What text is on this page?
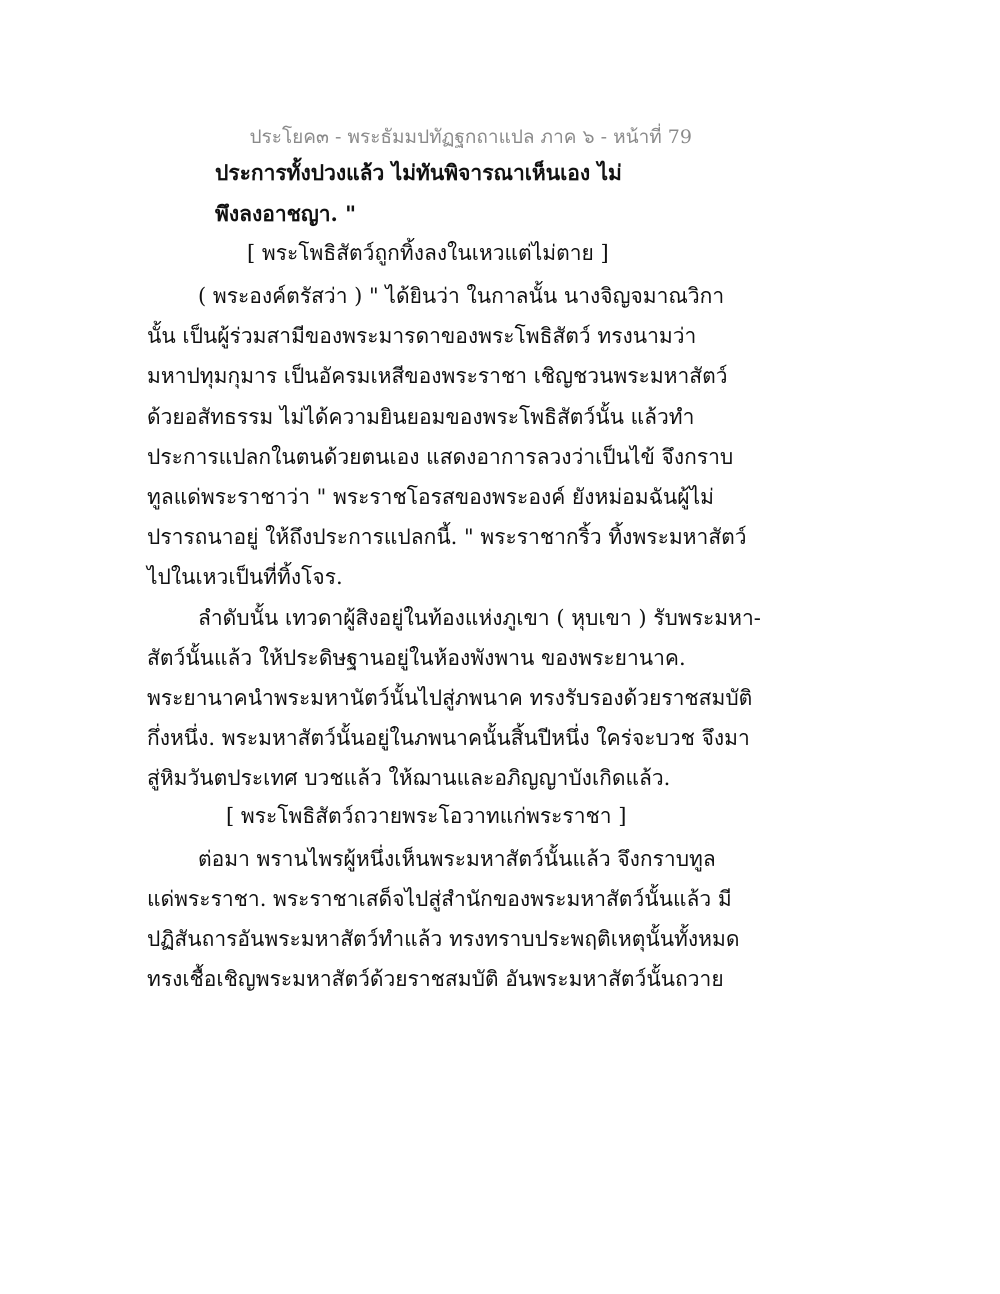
ประโยค๓ - พระธัมมปทัฏฐกถาแปล ภาค ๖ - หน้าที่ 79
ประการทั้งปวงแล้ว ไม่ทันพิจารณาเห็นเอง ไม่
พึงลงอาชญา. "
[ พระโพธิสัตว์ถูกทิ้งลงในเหวแต่ไม่ตาย ]
( พระองค์ตรัสว่า ) " ได้ยินว่า ในกาลนั้น นางจิญจมาณวิกา
นั้น เป็นผู้ร่วมสามีของพระมารดาของพระโพธิสัตว์ ทรงนามว่า
มหาปทุมกุมาร เป็นอัครมเหสีของพระราชา เชิญชวนพระมหาสัตว์
ด้วยอสัทธรรม ไม่ได้ความยินยอมของพระโพธิสัตว์นั้น แล้วทำ
ประการแปลกในตนด้วยตนเอง แสดงอาการลวงว่าเป็นไข้ จึงกราบ
ทูลแด่พระราชาว่า " พระราชโอรสของพระองค์ ยังหม่อมฉันผู้ไม่
ปรารถนาอยู่ ให้ถึงประการแปลกนี้. " พระราชากริ้ว ทิ้งพระมหาสัตว์
ไปในเหวเป็นที่ทิ้งโจร.
ลำดับนั้น เทวดาผู้สิงอยู่ในท้องแห่งภูเขา ( หุบเขา ) รับพระมหา-
สัตว์นั้นแล้ว ให้ประดิษฐานอยู่ในห้องพังพาน ของพระยานาค.
พระยานาคนำพระมหานัตว์นั้นไปสู่ภพนาค ทรงรับรองด้วยราชสมบัติ
กึ่งหนึ่ง. พระมหาสัตว์นั้นอยู่ในภพนาคนั้นสิ้นปีหนึ่ง ใคร่จะบวช จึงมา
สู่หิมวันตประเทศ บวชแล้ว ให้ฌานและอภิญญาบังเกิดแล้ว.
[ พระโพธิสัตว์ถวายพระโอวาทแก่พระราชา ]
ต่อมา พรานไพรผู้หนึ่งเห็นพระมหาสัตว์นั้นแล้ว จึงกราบทูล
แด่พระราชา. พระราชาเสด็จไปสู่สำนักของพระมหาสัตว์นั้นแล้ว มี
ปฏิสันถารอันพระมหาสัตว์ทำแล้ว ทรงทราบประพฤติเหตุนั้นทั้งหมด
ทรงเชื้อเชิญพระมหาสัตว์ด้วยราชสมบัติ อันพระมหาสัตว์นั้นถวาย
